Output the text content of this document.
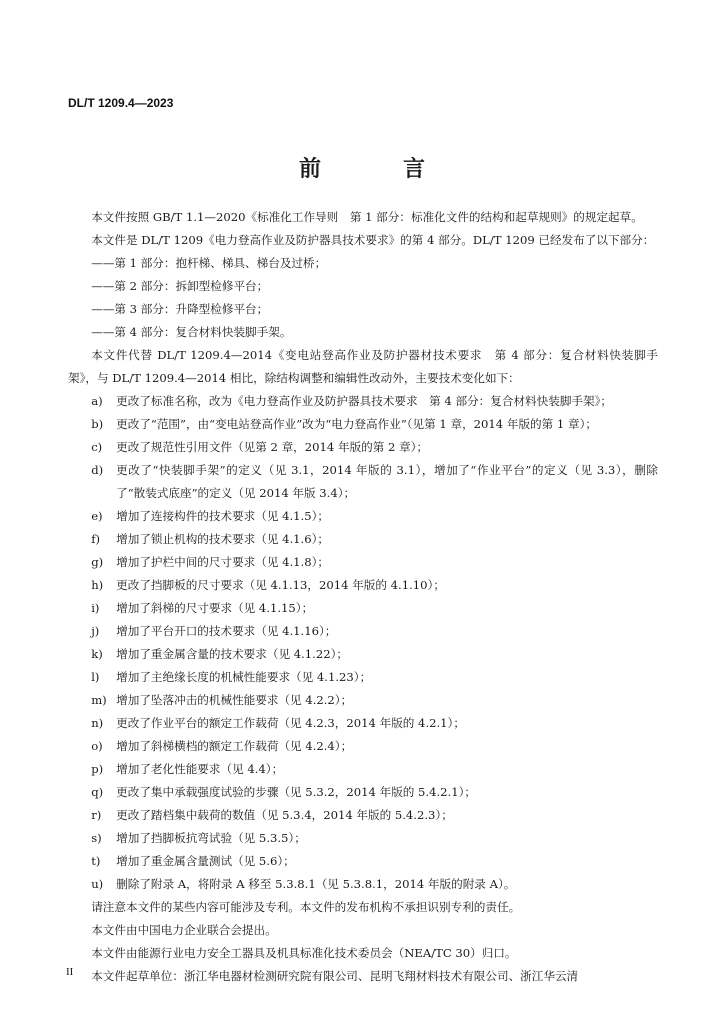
DL/T 1209.4—2023
前　言

本文件按照 GB/T 1.1—2020《标准化工作导则　第 1 部分：标准化文件的结构和起草规则》的规定起草。

本文件是 DL/T 1209《电力登高作业及防护器具技术要求》的第 4 部分。DL/T 1209 已经发布了以下部分：

——第 1 部分：抱杆梯、梯具、梯台及过桥；

——第 2 部分：拆卸型检修平台；

——第 3 部分：升降型检修平台；

——第 4 部分：复合材料快装脚手架。

本文件代替 DL/T 1209.4—2014《变电站登高作业及防护器材技术要求　第 4 部分：复合材料快装脚手架》，与 DL/T 1209.4—2014 相比，除结构调整和编辑性改动外，主要技术变化如下：

a)	更改了标准名称，改为《电力登高作业及防护器具技术要求　第 4 部分：复合材料快装脚手架》；
b)	更改了“范围”，由“变电站登高作业”改为“电力登高作业”（见第 1 章，2014 年版的第 1 章）；
c)	更改了规范性引用文件（见第 2 章，2014 年版的第 2 章）；
d)	更改了“快装脚手架”的定义（见 3.1，2014 年版的 3.1），增加了“作业平台”的定义（见 3.3），删除了“散装式底座”的定义（见 2014 年版 3.4）；
e)	增加了连接构件的技术要求（见 4.1.5）；
f)	增加了锁止机构的技术要求（见 4.1.6）；
g)	增加了护栏中间的尺寸要求（见 4.1.8）；
h)	更改了挡脚板的尺寸要求（见 4.1.13，2014 年版的 4.1.10）；
i)	增加了斜梯的尺寸要求（见 4.1.15）；
j)	增加了平台开口的技术要求（见 4.1.16）；
k)	增加了重金属含量的技术要求（见 4.1.22）；
l)	增加了主绝缘长度的机械性能要求（见 4.1.23）；
m) 增加了坠落冲击的机械性能要求（见 4.2.2）；
n)	更改了作业平台的额定工作载荷（见 4.2.3，2014 年版的 4.2.1）；
o)	增加了斜梯横档的额定工作载荷（见 4.2.4）；
p)	增加了老化性能要求（见 4.4）；
q)	更改了集中承载强度试验的步骤（见 5.3.2，2014 年版的 5.4.2.1）；
r)	更改了踏档集中载荷的数值（见 5.3.4，2014 年版的 5.4.2.3）；
s)	增加了挡脚板抗弯试验（见 5.3.5）；
t)	增加了重金属含量测试（见 5.6）；
u)	删除了附录 A，将附录 A 移至 5.3.8.1（见 5.3.8.1，2014 年版的附录 A）。

请注意本文件的某些内容可能涉及专利。本文件的发布机构不承担识别专利的责任。

本文件由中国电力企业联合会提出。

本文件由能源行业电力安全工器具及机具标准化技术委员会（NEA/TC 30）归口。

本文件起草单位：浙江华电器材检测研究院有限公司、昆明飞翔材料技术有限公司、浙江华云清

II
